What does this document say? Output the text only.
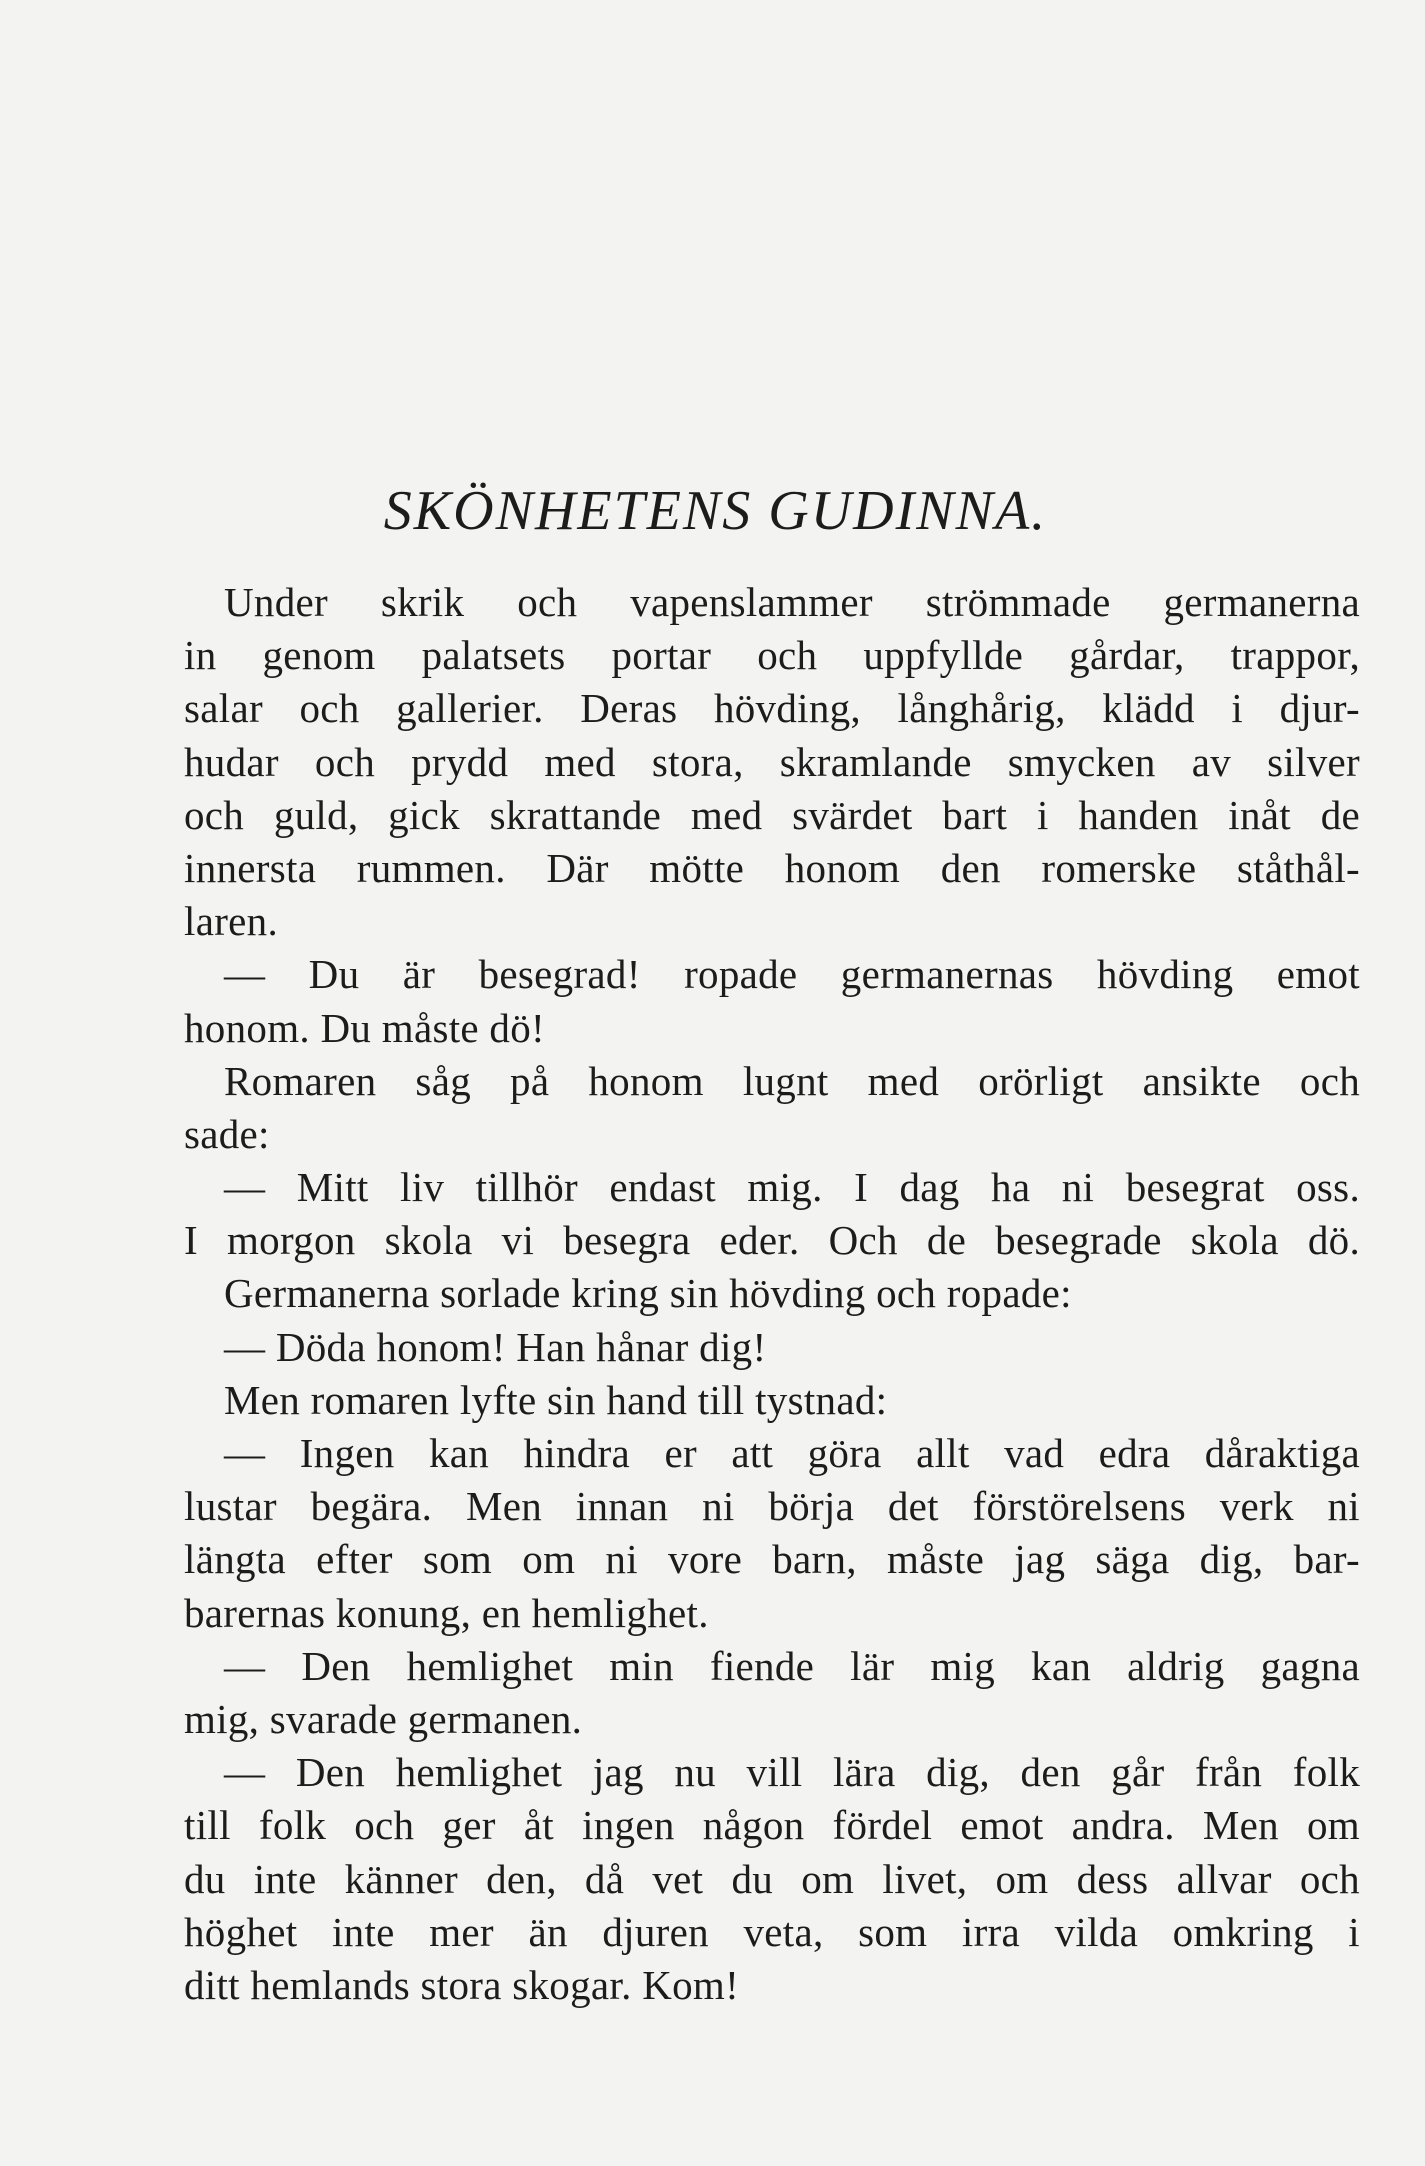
SKÖNHETENS GUDINNA.
Under skrik och vapenslammer strömmade germanerna
in genom palatsets portar och uppfyllde gårdar, trappor,
salar och gallerier. Deras hövding, långhårig, klädd i djur-
hudar och prydd med stora, skramlande smycken av silver
och guld, gick skrattande med svärdet bart i handen inåt de
innersta rummen. Där mötte honom den romerske ståthål-
laren.
— Du är besegrad! ropade germanernas hövding emot
honom. Du måste dö!
Romaren såg på honom lugnt med orörligt ansikte och
sade:
— Mitt liv tillhör endast mig. I dag ha ni besegrat oss.
I morgon skola vi besegra eder. Och de besegrade skola dö.
Germanerna sorlade kring sin hövding och ropade:
— Döda honom! Han hånar dig!
Men romaren lyfte sin hand till tystnad:
— Ingen kan hindra er att göra allt vad edra dåraktiga
lustar begära. Men innan ni börja det förstörelsens verk ni
längta efter som om ni vore barn, måste jag säga dig, bar-
barernas konung, en hemlighet.
— Den hemlighet min fiende lär mig kan aldrig gagna
mig, svarade germanen.
— Den hemlighet jag nu vill lära dig, den går från folk
till folk och ger åt ingen någon fördel emot andra. Men om
du inte känner den, då vet du om livet, om dess allvar och
höghet inte mer än djuren veta, som irra vilda omkring i
ditt hemlands stora skogar. Kom!
